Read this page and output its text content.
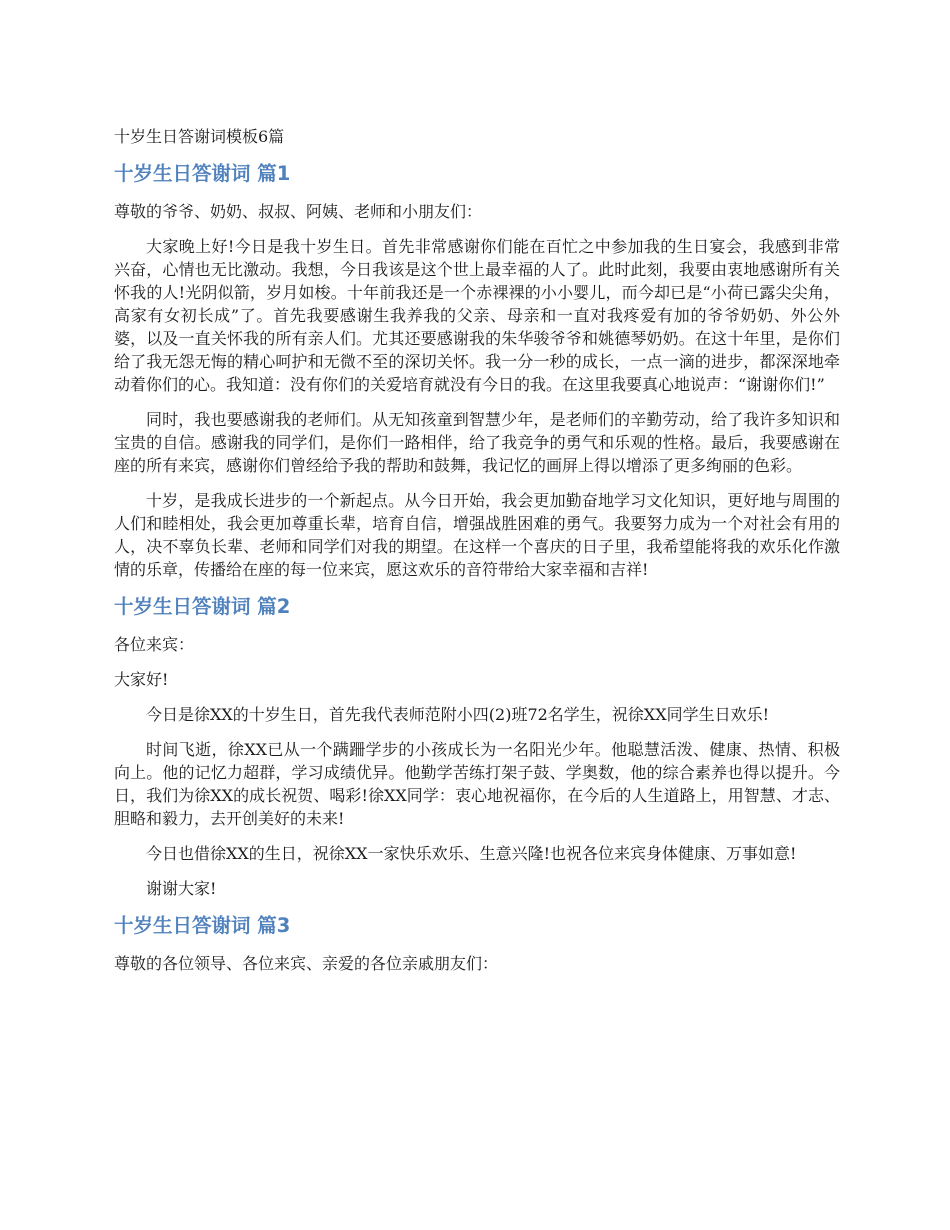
十岁生日答谢词模板6篇
十岁生日答谢词 篇1

尊敬的爷爷、奶奶、叔叔、阿姨、老师和小朋友们：

大家晚上好!今日是我十岁生日。首先非常感谢你们能在百忙之中参加我的生日宴会，我感到非常兴奋，心情也无比激动。我想，今日我该是这个世上最幸福的人了。此时此刻，我要由衷地感谢所有关怀我的人!光阴似箭，岁月如梭。十年前我还是一个赤裸裸的小小婴儿，而今却已是“小荷已露尖尖角，高家有女初长成”了。首先我要感谢生我养我的父亲、母亲和一直对我疼爱有加的爷爷奶奶、外公外婆，以及一直关怀我的所有亲人们。尤其还要感谢我的朱华骏爷爷和姚德琴奶奶。在这十年里，是你们给了我无怨无悔的精心呵护和无微不至的深切关怀。我一分一秒的成长，一点一滴的进步，都深深地牵动着你们的心。我知道：没有你们的关爱培育就没有今日的我。在这里我要真心地说声：“谢谢你们!”

同时，我也要感谢我的老师们。从无知孩童到智慧少年，是老师们的辛勤劳动，给了我许多知识和宝贵的自信。感谢我的同学们，是你们一路相伴，给了我竞争的勇气和乐观的性格。最后，我要感谢在座的所有来宾，感谢你们曾经给予我的帮助和鼓舞，我记忆的画屏上得以增添了更多绚丽的色彩。

十岁，是我成长进步的一个新起点。从今日开始，我会更加勤奋地学习文化知识，更好地与周围的人们和睦相处，我会更加尊重长辈，培育自信，增强战胜困难的勇气。我要努力成为一个对社会有用的人，决不辜负长辈、老师和同学们对我的期望。在这样一个喜庆的日子里，我希望能将我的欢乐化作激情的乐章，传播给在座的每一位来宾，愿这欢乐的音符带给大家幸福和吉祥!

十岁生日答谢词 篇2

各位来宾：

大家好!

今日是徐XX的十岁生日，首先我代表师范附小四(2)班72名学生，祝徐XX同学生日欢乐!

时间飞逝，徐XX已从一个蹒跚学步的小孩成长为一名阳光少年。他聪慧活泼、健康、热情、积极向上。他的记忆力超群，学习成绩优异。他勤学苦练打架子鼓、学奥数，他的综合素养也得以提升。今日，我们为徐XX的成长祝贺、喝彩!徐XX同学：衷心地祝福你，在今后的人生道路上，用智慧、才志、胆略和毅力，去开创美好的未来!

今日也借徐XX的生日，祝徐XX一家快乐欢乐、生意兴隆!也祝各位来宾身体健康、万事如意!

谢谢大家!

十岁生日答谢词 篇3

尊敬的各位领导、各位来宾、亲爱的各位亲戚朋友们：
